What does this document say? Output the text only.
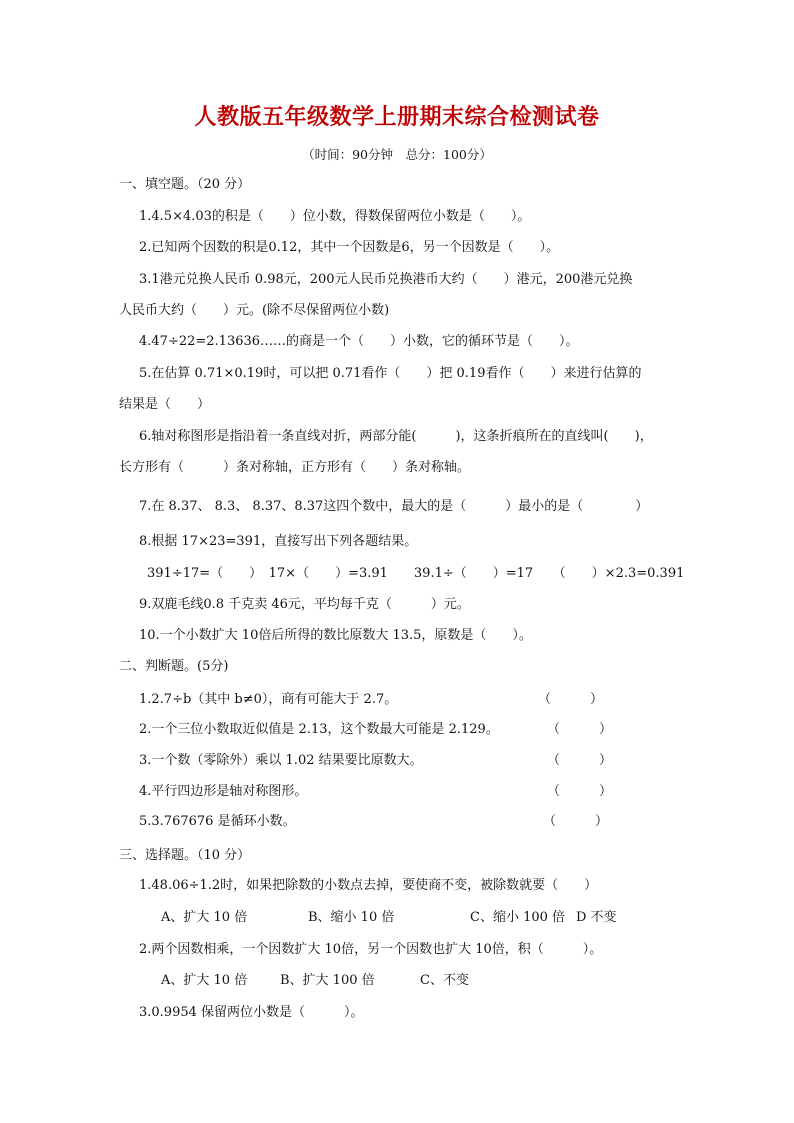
人教版五年级数学上册期末综合检测试卷
（时间：90分钟　总分：100分）
一、填空题。（20 分）
1.4.5×4.03的积是（　　）位小数，得数保留两位小数是（　　）。
2.已知两个因数的积是0.12，其中一个因数是6，另一个因数是（　　）。
3.1港元兑换人民币 0.98元，200元人民币兑换港币大约（　　）港元，200港元兑换
人民币大约（　　）元。(除不尽保留两位小数)
4.47÷22=2.13636……的商是一个（　　）小数，它的循环节是（　　）。
5.在估算 0.71×0.19时，可以把 0.71看作（　　）把 0.19看作（　　）来进行估算的
结果是（　　）
6.轴对称图形是指沿着一条直线对折，两部分能(　　　)，这条折痕所在的直线叫(　　)，
长方形有（　　　）条对称轴，正方形有（　　）条对称轴。
7.在 8.37、 8.3、 8.37、8.37这四个数中，最大的是（　　　）最小的是（　　　　）
8.根据 17×23=391，直接写出下列各题结果。
391÷17=（　　）　17×（　　）=3.91　　39.1÷（　　）=17　　（　　）×2.3=0.391
9.双鹿毛线0.8 千克卖 46元，平均每千克（　　　）元。
10.一个小数扩大 10倍后所得的数比原数大 13.5，原数是（　　）。
二、判断题。(5分)
1.2.7÷b（其中 b≠0），商有可能大于 2.7。	（　　　）
2.一个三位小数取近似值是 2.13，这个数最大可能是 2.129。	（　　　）
3.一个数（零除外）乘以 1.02 结果要比原数大。	（　　　）
4.平行四边形是轴对称图形。	（　　　）
5.3.767676 是循环小数。	（　　　）
三、选择题。（10 分）
1.48.06÷1.2时，如果把除数的小数点去掉，要使商不变，被除数就要（　　）
A、扩大 10 倍	B、缩小 10 倍	C、缩小 100 倍 D 不变
2.两个因数相乘，一个因数扩大 10倍，另一个因数也扩大 10倍，积（　　　）。
A、扩大 10 倍	B、扩大 100 倍	C、不变
3.0.9954 保留两位小数是（　　　）。
